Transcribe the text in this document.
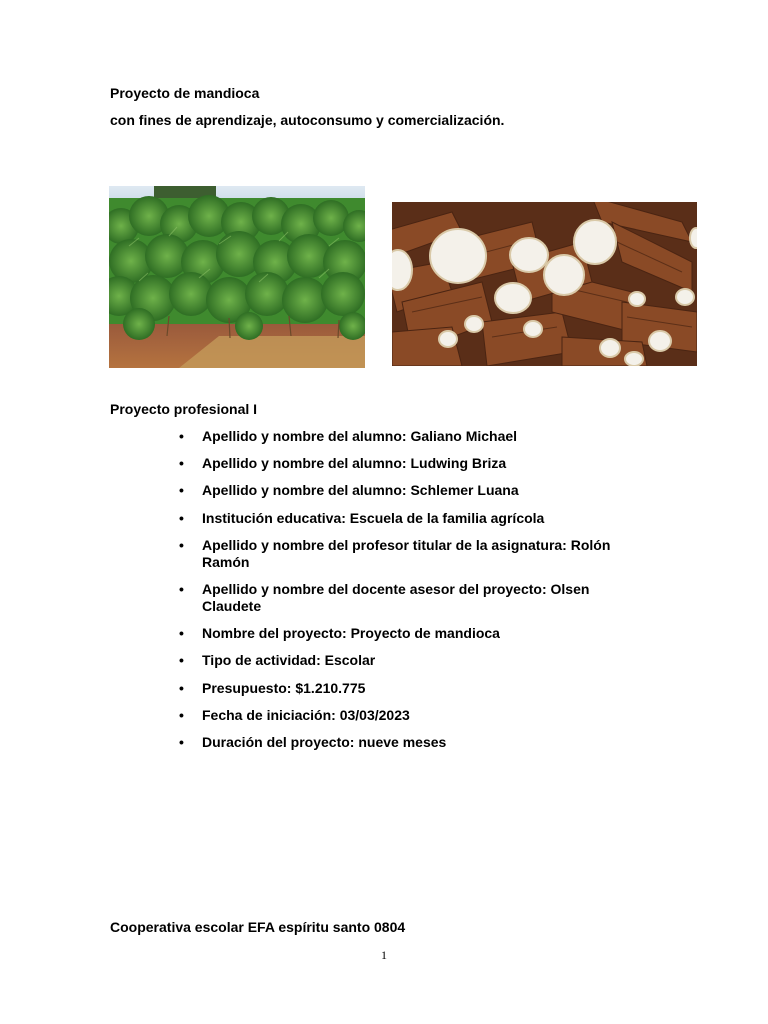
Proyecto de mandioca
con fines de aprendizaje, autoconsumo y comercialización.
Proyecto profesional I
• Apellido y nombre del alumno: Galiano Michael
• Apellido y nombre del alumno: Ludwing Briza
• Apellido y nombre del alumno: Schlemer Luana
• Institución educativa: Escuela de la familia agrícola
• Apellido y nombre del profesor titular de la asignatura: Rolón Ramón
• Apellido y nombre del docente asesor del proyecto: Olsen Claudete
• Nombre del proyecto: Proyecto de mandioca
• Tipo de actividad: Escolar
• Presupuesto: $1.210.775
• Fecha de iniciación: 03/03/2023
• Duración del proyecto: nueve meses
Cooperativa escolar EFA espíritu santo 0804
1
